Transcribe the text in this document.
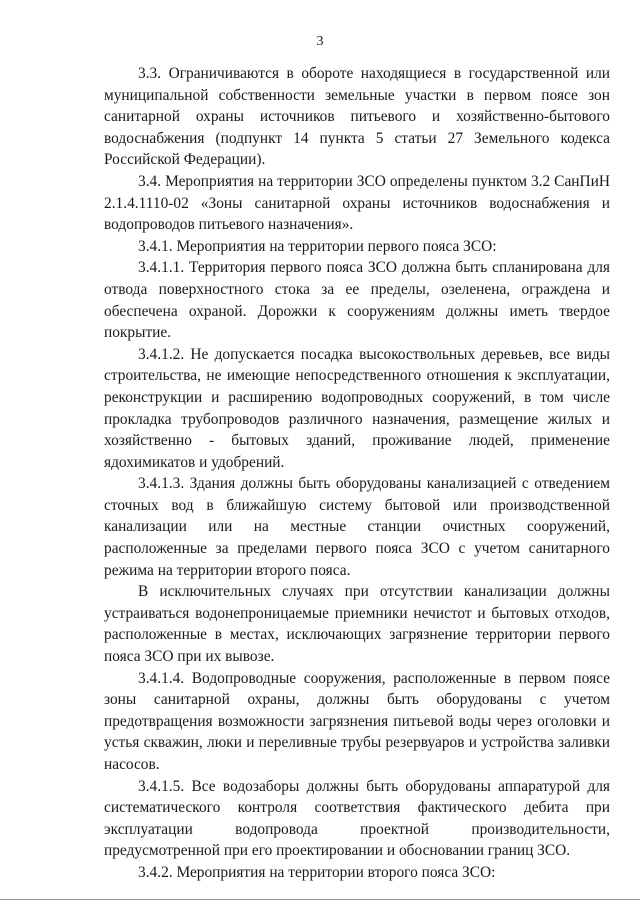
3

3.3. Ограничиваются в обороте находящиеся в государственной или муниципальной собственности земельные участки в первом поясе зон санитарной охраны источников питьевого и хозяйственно-бытового водоснабжения (подпункт 14 пункта 5 статьи 27 Земельного кодекса Российской Федерации).

3.4. Мероприятия на территории ЗСО определены пунктом 3.2 СанПиН 2.1.4.1110-02 «Зоны санитарной охраны источников водоснабжения и водопроводов питьевого назначения».

3.4.1. Мероприятия на территории первого пояса ЗСО:

3.4.1.1. Территория первого пояса ЗСО должна быть спланирована для отвода поверхностного стока за ее пределы, озеленена, ограждена и обеспечена охраной. Дорожки к сооружениям должны иметь твердое покрытие.

3.4.1.2. Не допускается посадка высокоствольных деревьев, все виды строительства, не имеющие непосредственного отношения к эксплуатации, реконструкции и расширению водопроводных сооружений, в том числе прокладка трубопроводов различного назначения, размещение жилых и хозяйственно - бытовых зданий, проживание людей, применение ядохимикатов и удобрений.

3.4.1.3. Здания должны быть оборудованы канализацией с отведением сточных вод в ближайшую систему бытовой или производственной канализации или на местные станции очистных сооружений, расположенные за пределами первого пояса ЗСО с учетом санитарного режима на территории второго пояса.

В исключительных случаях при отсутствии канализации должны устраиваться водонепроницаемые приемники нечистот и бытовых отходов, расположенные в местах, исключающих загрязнение территории первого пояса ЗСО при их вывозе.

3.4.1.4. Водопроводные сооружения, расположенные в первом поясе зоны санитарной охраны, должны быть оборудованы с учетом предотвращения возможности загрязнения питьевой воды через оголовки и устья скважин, люки и переливные трубы резервуаров и устройства заливки насосов.

3.4.1.5. Все водозаборы должны быть оборудованы аппаратурой для систематического контроля соответствия фактического дебита при эксплуатации водопровода проектной производительности, предусмотренной при его проектировании и обосновании границ ЗСО.

3.4.2. Мероприятия на территории второго пояса ЗСО:
